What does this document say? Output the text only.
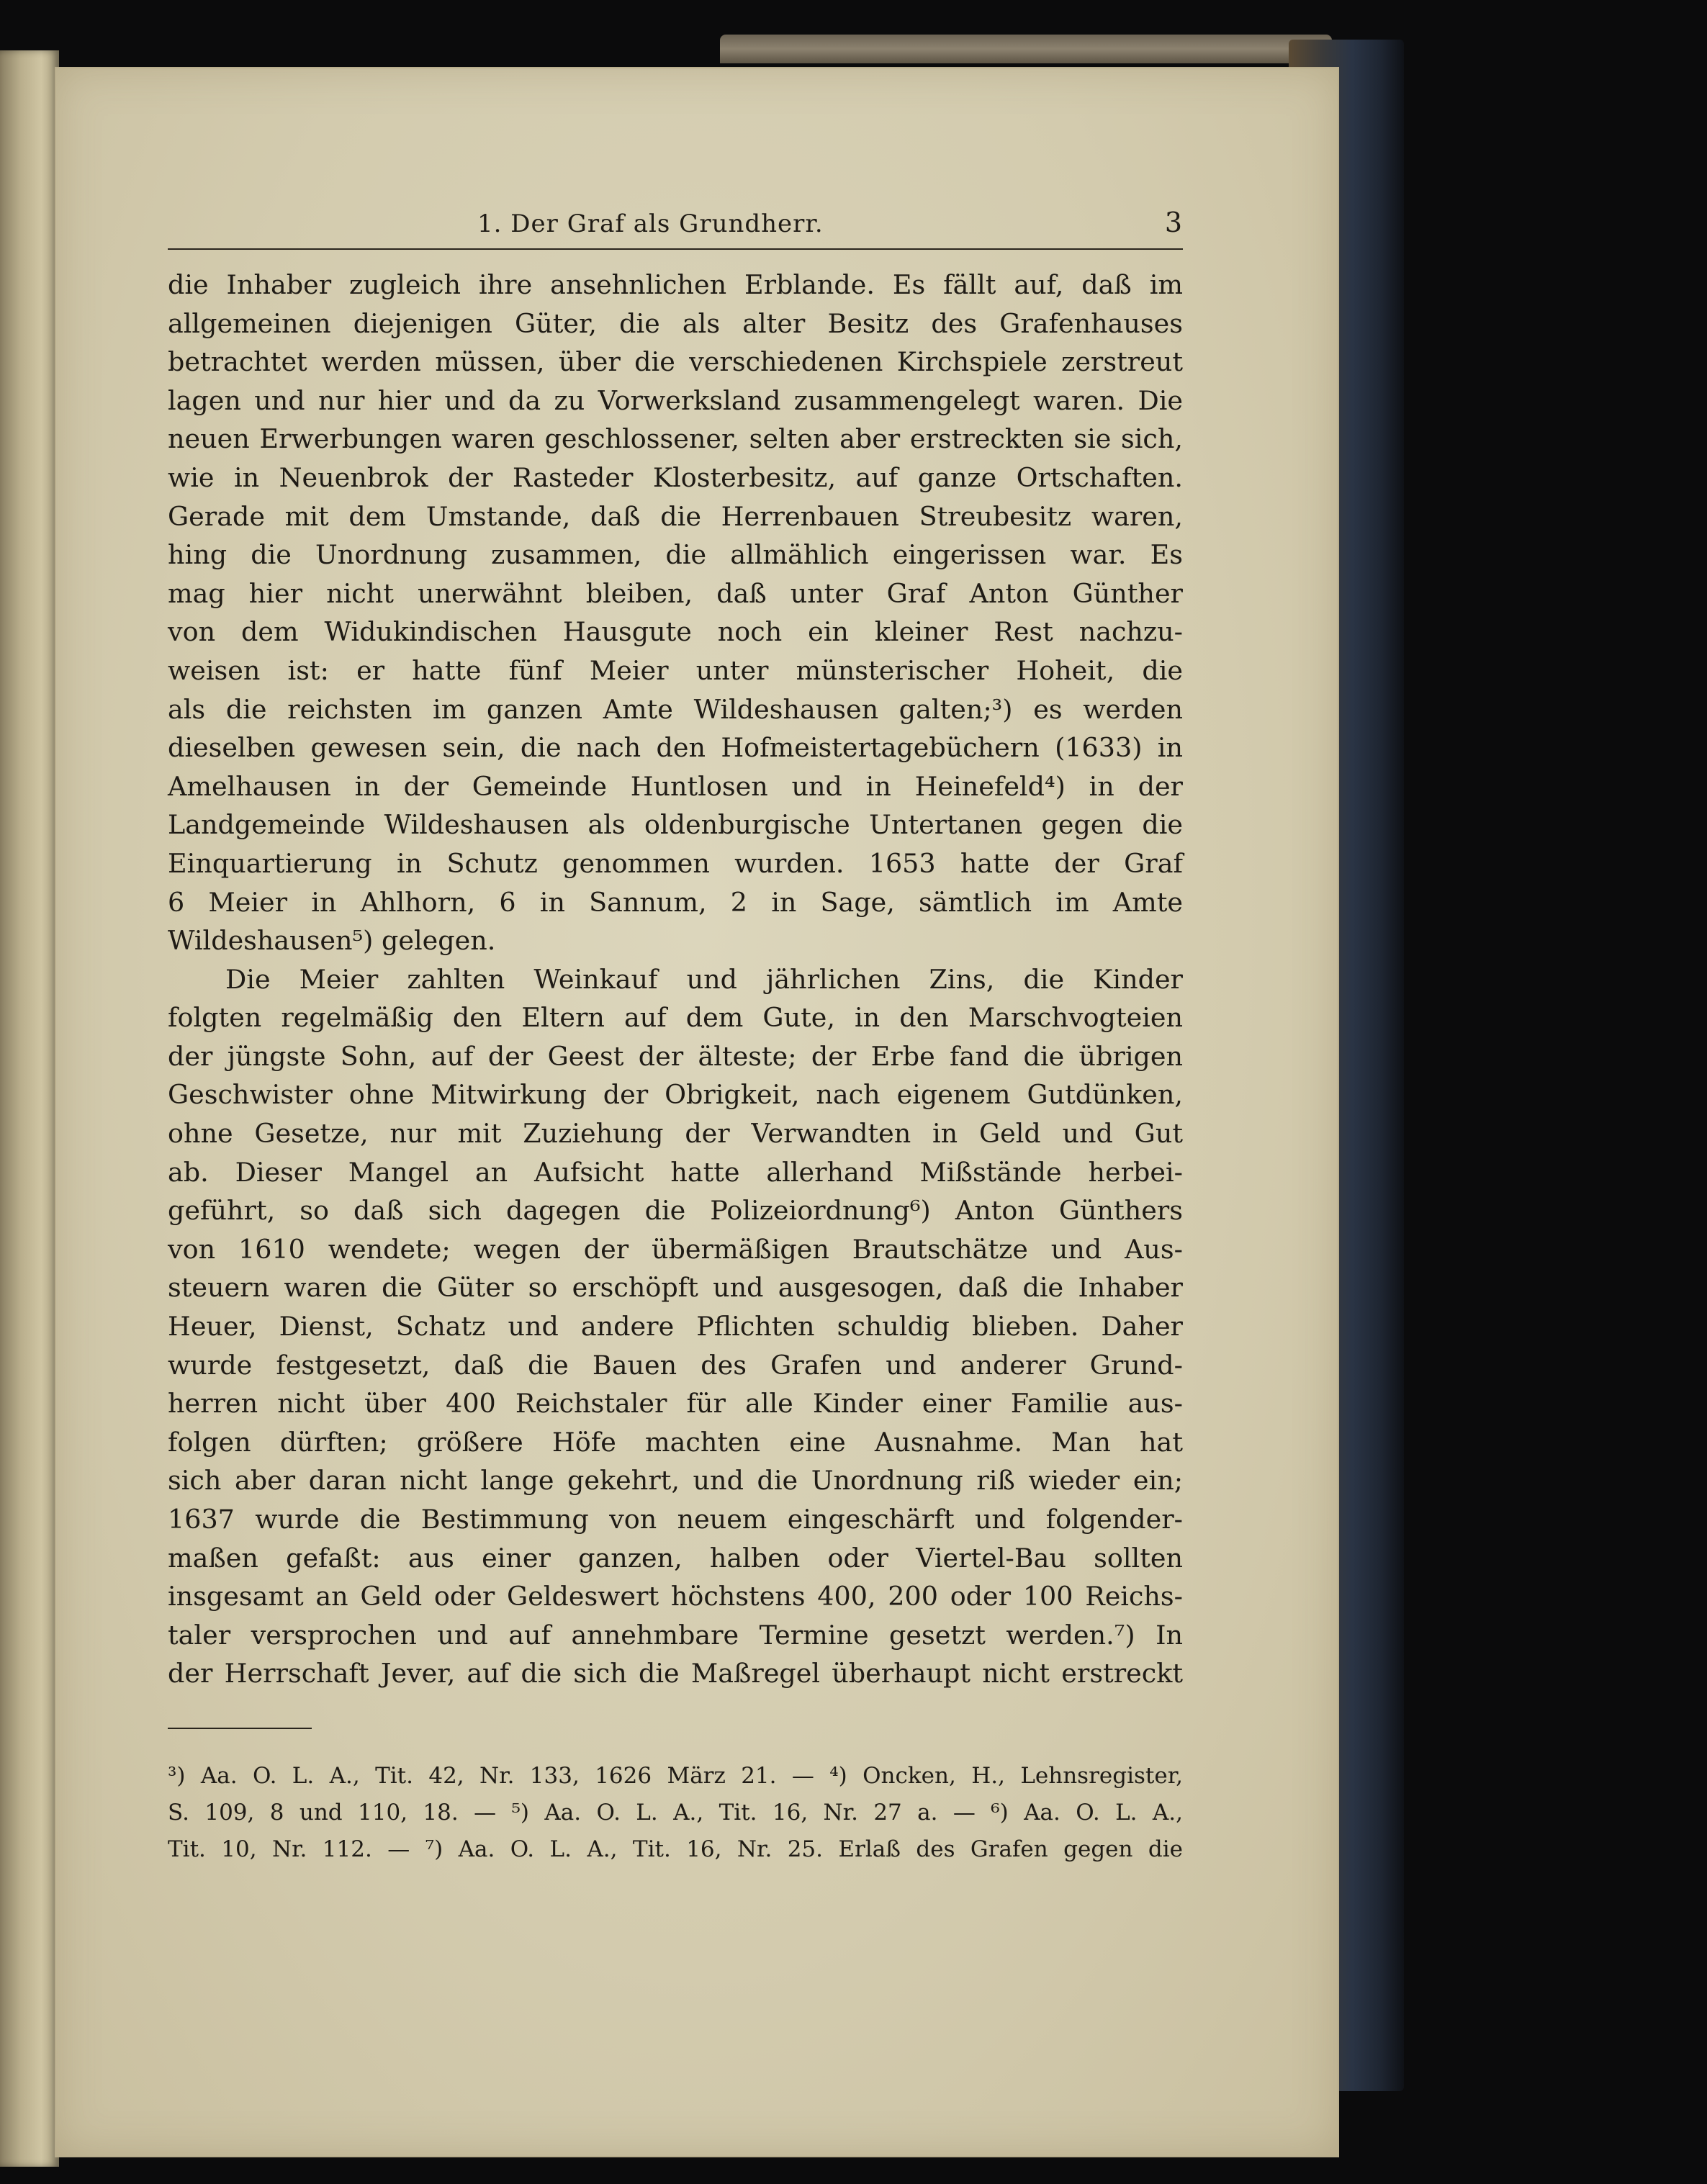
1. Der Graf als Grundherr.	3

die Inhaber zugleich ihre ansehnlichen Erblande. Es fällt auf, daß im
allgemeinen diejenigen Güter, die als alter Besitz des Grafenhauses
betrachtet werden müssen, über die verschiedenen Kirchspiele zerstreut
lagen und nur hier und da zu Vorwerksland zusammengelegt waren. Die
neuen Erwerbungen waren geschlossener, selten aber erstreckten sie sich,
wie in Neuenbrok der Rasteder Klosterbesitz, auf ganze Ortschaften.
Gerade mit dem Umstande, daß die Herrenbauen Streubesitz waren,
hing die Unordnung zusammen, die allmählich eingerissen war. Es
mag hier nicht unerwähnt bleiben, daß unter Graf Anton Günther
von dem Widukindischen Hausgute noch ein kleiner Rest nachzu-
weisen ist: er hatte fünf Meier unter münsterischer Hoheit, die
als die reichsten im ganzen Amte Wildeshausen galten;³) es werden
dieselben gewesen sein, die nach den Hofmeistertagebüchern (1633) in
Amelhausen in der Gemeinde Huntlosen und in Heinefeld⁴) in der
Landgemeinde Wildeshausen als oldenburgische Untertanen gegen die
Einquartierung in Schutz genommen wurden. 1653 hatte der Graf
6 Meier in Ahlhorn, 6 in Sannum, 2 in Sage, sämtlich im Amte
Wildeshausen⁵) gelegen.

Die Meier zahlten Weinkauf und jährlichen Zins, die Kinder
folgten regelmäßig den Eltern auf dem Gute, in den Marschvogteien
der jüngste Sohn, auf der Geest der älteste; der Erbe fand die übrigen
Geschwister ohne Mitwirkung der Obrigkeit, nach eigenem Gutdünken,
ohne Gesetze, nur mit Zuziehung der Verwandten in Geld und Gut
ab. Dieser Mangel an Aufsicht hatte allerhand Mißstände herbei-
geführt, so daß sich dagegen die Polizeiordnung⁶) Anton Günthers
von 1610 wendete; wegen der übermäßigen Brautschätze und Aus-
steuern waren die Güter so erschöpft und ausgesogen, daß die Inhaber
Heuer, Dienst, Schatz und andere Pflichten schuldig blieben. Daher
wurde festgesetzt, daß die Bauen des Grafen und anderer Grund-
herren nicht über 400 Reichstaler für alle Kinder einer Familie aus-
folgen dürften; größere Höfe machten eine Ausnahme. Man hat
sich aber daran nicht lange gekehrt, und die Unordnung riß wieder ein;
1637 wurde die Bestimmung von neuem eingeschärft und folgender-
maßen gefaßt: aus einer ganzen, halben oder Viertel-Bau sollten
insgesamt an Geld oder Geldeswert höchstens 400, 200 oder 100 Reichs-
taler versprochen und auf annehmbare Termine gesetzt werden.⁷) In
der Herrschaft Jever, auf die sich die Maßregel überhaupt nicht erstreckt

³) Aa. O. L. A., Tit. 42, Nr. 133, 1626 März 21. — ⁴) Oncken, H., Lehnsregister,
S. 109, 8 und 110, 18. — ⁵) Aa. O. L. A., Tit. 16, Nr. 27 a. — ⁶) Aa. O. L. A.,
Tit. 10, Nr. 112. — ⁷) Aa. O. L. A., Tit. 16, Nr. 25. Erlaß des Grafen gegen die
